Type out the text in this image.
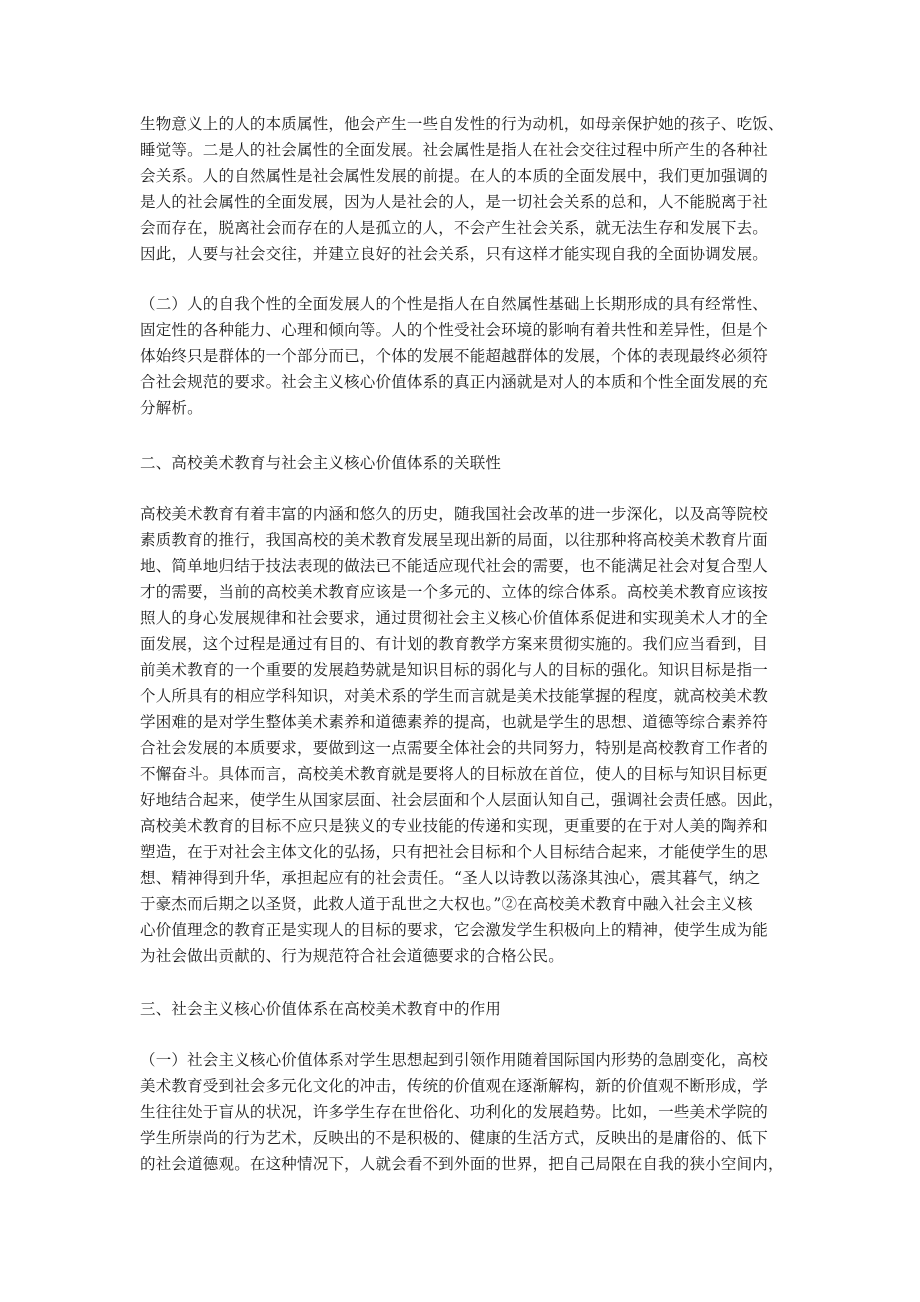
生物意义上的人的本质属性，他会产生一些自发性的行为动机，如母亲保护她的孩子、吃饭、
睡觉等。二是人的社会属性的全面发展。社会属性是指人在社会交往过程中所产生的各种社
会关系。人的自然属性是社会属性发展的前提。在人的本质的全面发展中，我们更加强调的
是人的社会属性的全面发展，因为人是社会的人，是一切社会关系的总和，人不能脱离于社
会而存在，脱离社会而存在的人是孤立的人，不会产生社会关系，就无法生存和发展下去。
因此，人要与社会交往，并建立良好的社会关系，只有这样才能实现自我的全面协调发展。
（二）人的自我个性的全面发展人的个性是指人在自然属性基础上长期形成的具有经常性、
固定性的各种能力、心理和倾向等。人的个性受社会环境的影响有着共性和差异性，但是个
体始终只是群体的一个部分而已，个体的发展不能超越群体的发展，个体的表现最终必须符
合社会规范的要求。社会主义核心价值体系的真正内涵就是对人的本质和个性全面发展的充
分解析。
二、高校美术教育与社会主义核心价值体系的关联性
高校美术教育有着丰富的内涵和悠久的历史，随我国社会改革的进一步深化，以及高等院校
素质教育的推行，我国高校的美术教育发展呈现出新的局面，以往那种将高校美术教育片面
地、简单地归结于技法表现的做法已不能适应现代社会的需要，也不能满足社会对复合型人
才的需要，当前的高校美术教育应该是一个多元的、立体的综合体系。高校美术教育应该按
照人的身心发展规律和社会要求，通过贯彻社会主义核心价值体系促进和实现美术人才的全
面发展，这个过程是通过有目的、有计划的教育教学方案来贯彻实施的。我们应当看到，目
前美术教育的一个重要的发展趋势就是知识目标的弱化与人的目标的强化。知识目标是指一
个人所具有的相应学科知识，对美术系的学生而言就是美术技能掌握的程度，就高校美术教
学困难的是对学生整体美术素养和道德素养的提高，也就是学生的思想、道德等综合素养符
合社会发展的本质要求，要做到这一点需要全体社会的共同努力，特别是高校教育工作者的
不懈奋斗。具体而言，高校美术教育就是要将人的目标放在首位，使人的目标与知识目标更
好地结合起来，使学生从国家层面、社会层面和个人层面认知自己，强调社会责任感。因此，
高校美术教育的目标不应只是狭义的专业技能的传递和实现，更重要的在于对人美的陶养和
塑造，在于对社会主体文化的弘扬，只有把社会目标和个人目标结合起来，才能使学生的思
想、精神得到升华，承担起应有的社会责任。“圣人以诗教以荡涤其浊心，震其暮气，纳之
于豪杰而后期之以圣贤，此救人道于乱世之大权也。”②在高校美术教育中融入社会主义核
心价值理念的教育正是实现人的目标的要求，它会激发学生积极向上的精神，使学生成为能
为社会做出贡献的、行为规范符合社会道德要求的合格公民。
三、社会主义核心价值体系在高校美术教育中的作用
（一）社会主义核心价值体系对学生思想起到引领作用随着国际国内形势的急剧变化，高校
美术教育受到社会多元化文化的冲击，传统的价值观在逐渐解构，新的价值观不断形成，学
生往往处于盲从的状况，许多学生存在世俗化、功利化的发展趋势。比如，一些美术学院的
学生所崇尚的行为艺术，反映出的不是积极的、健康的生活方式，反映出的是庸俗的、低下
的社会道德观。在这种情况下，人就会看不到外面的世界，把自己局限在自我的狭小空间内，
